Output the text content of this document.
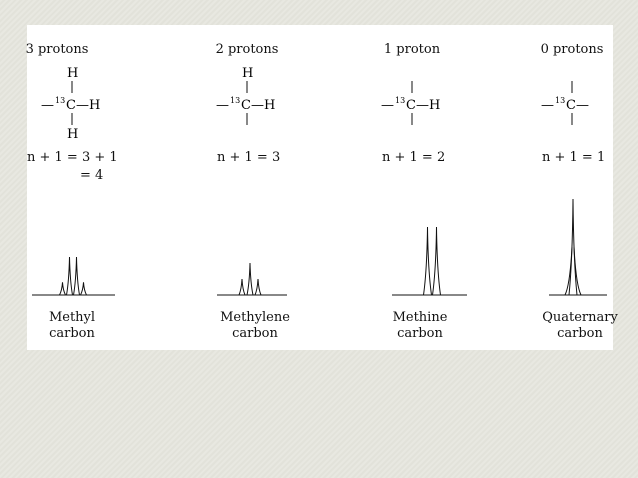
3 protons
H
— 13 C —H
H
n + 1 = 3 + 1
= 4
Methyl
carbon
2 protons
H
— 13 C —H
n + 1 = 3
Methylene
carbon
1 proton
— 13 C —H
n + 1 = 2
Methine
carbon
0 protons
— 13 C —
n + 1 = 1
Quaternary
carbon
